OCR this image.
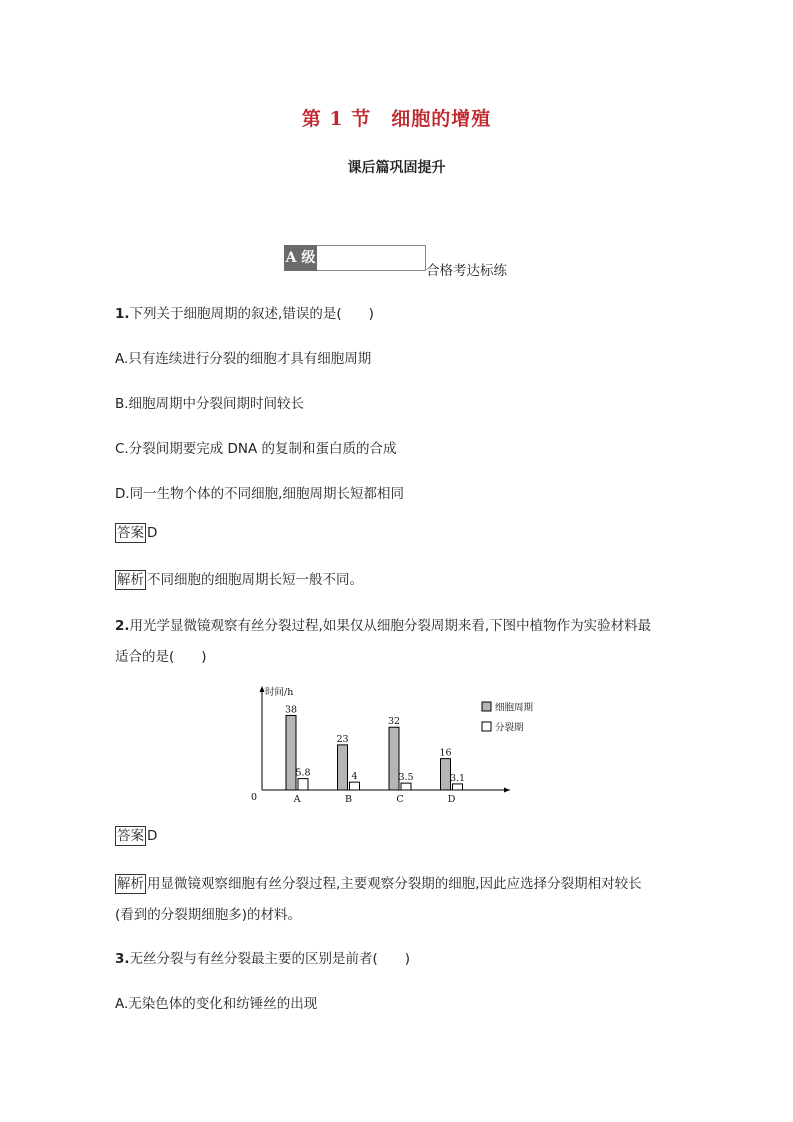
第 1 节　细胞的增殖
课后篇巩固提升
A 级
合格考达标练
1.下列关于细胞周期的叙述,错误的是(　　)
A.只有连续进行分裂的细胞才具有细胞周期
B.细胞周期中分裂间期时间较长
C.分裂间期要完成 DNA 的复制和蛋白质的合成
D.同一生物个体的不同细胞,细胞周期长短都相同
答案 D
解析 不同细胞的细胞周期长短一般不同。
2.用光学显微镜观察有丝分裂过程,如果仅从细胞分裂周期来看,下图中植物作为实验材料最
适合的是(　　)
时间/h
0
38
5.8
A
23
4
B
32
3.5
C
16
3.1
D
细胞周期
分裂期
答案 D
解析 用显微镜观察细胞有丝分裂过程,主要观察分裂期的细胞,因此应选择分裂期相对较长
(看到的分裂期细胞多)的材料。
3.无丝分裂与有丝分裂最主要的区别是前者(　　)
A.无染色体的变化和纺锤丝的出现
